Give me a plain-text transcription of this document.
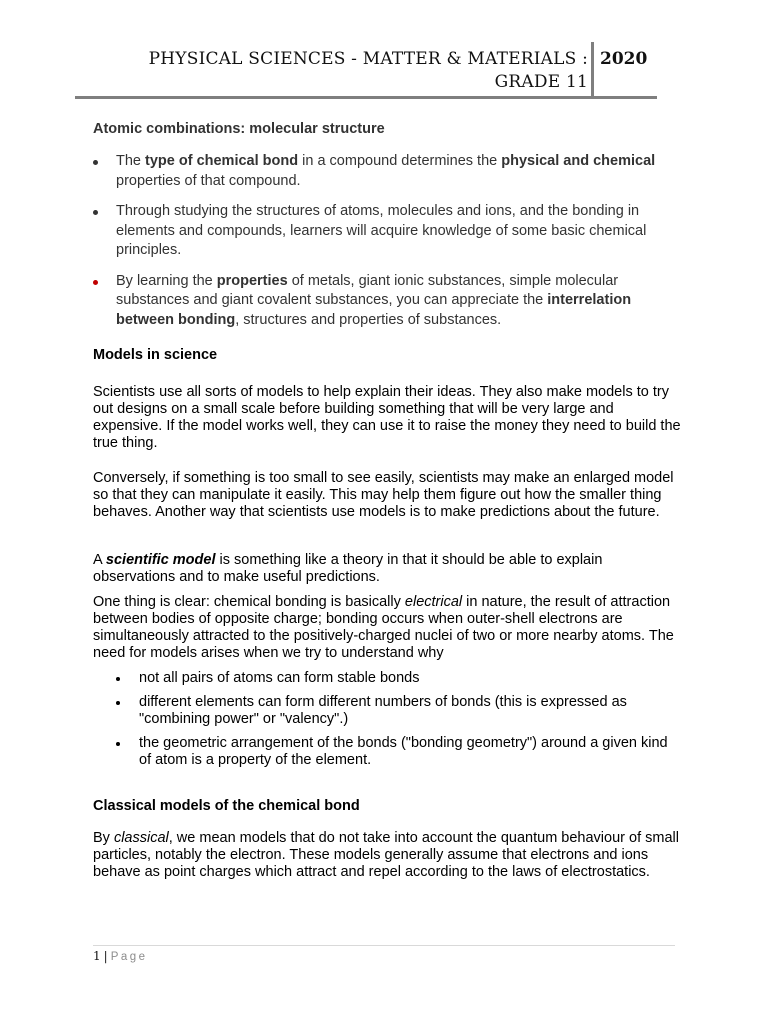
PHYSICAL SCIENCES - MATTER & MATERIALS : GRADE 11
2020
Atomic combinations: molecular structure
The type of chemical bond in a compound determines the physical and chemical properties of that compound.
Through studying the structures of atoms, molecules and ions, and the bonding in elements and compounds, learners will acquire knowledge of some basic chemical principles.
By learning the properties of metals, giant ionic substances, simple molecular substances and giant covalent substances, you can appreciate the interrelation between bonding, structures and properties of substances.
Models in science

Scientists use all sorts of models to help explain their ideas. They also make models to try out designs on a small scale before building something that will be very large and expensive. If the model works well, they can use it to raise the money they need to build the true thing.

Conversely, if something is too small to see easily, scientists may make an enlarged model so that they can manipulate it easily. This may help them figure out how the smaller thing behaves. Another way that scientists use models is to make predictions about the future.

A scientific model is something like a theory in that it should be able to explain observations and to make useful predictions.

One thing is clear: chemical bonding is basically electrical in nature, the result of attraction between bodies of opposite charge; bonding occurs when outer-shell electrons are simultaneously attracted to the positively-charged nuclei of two or more nearby atoms. The need for models arises when we try to understand why

not all pairs of atoms can form stable bonds
different elements can form different numbers of bonds (this is expressed as "combining power" or "valency".)
the geometric arrangement of the bonds ("bonding geometry") around a given kind of atom is a property of the element.
Classical models of the chemical bond

By classical, we mean models that do not take into account the quantum behaviour of small particles, notably the electron. These models generally assume that electrons and ions behave as point charges which attract and repel according to the laws of electrostatics.

1 | Page
